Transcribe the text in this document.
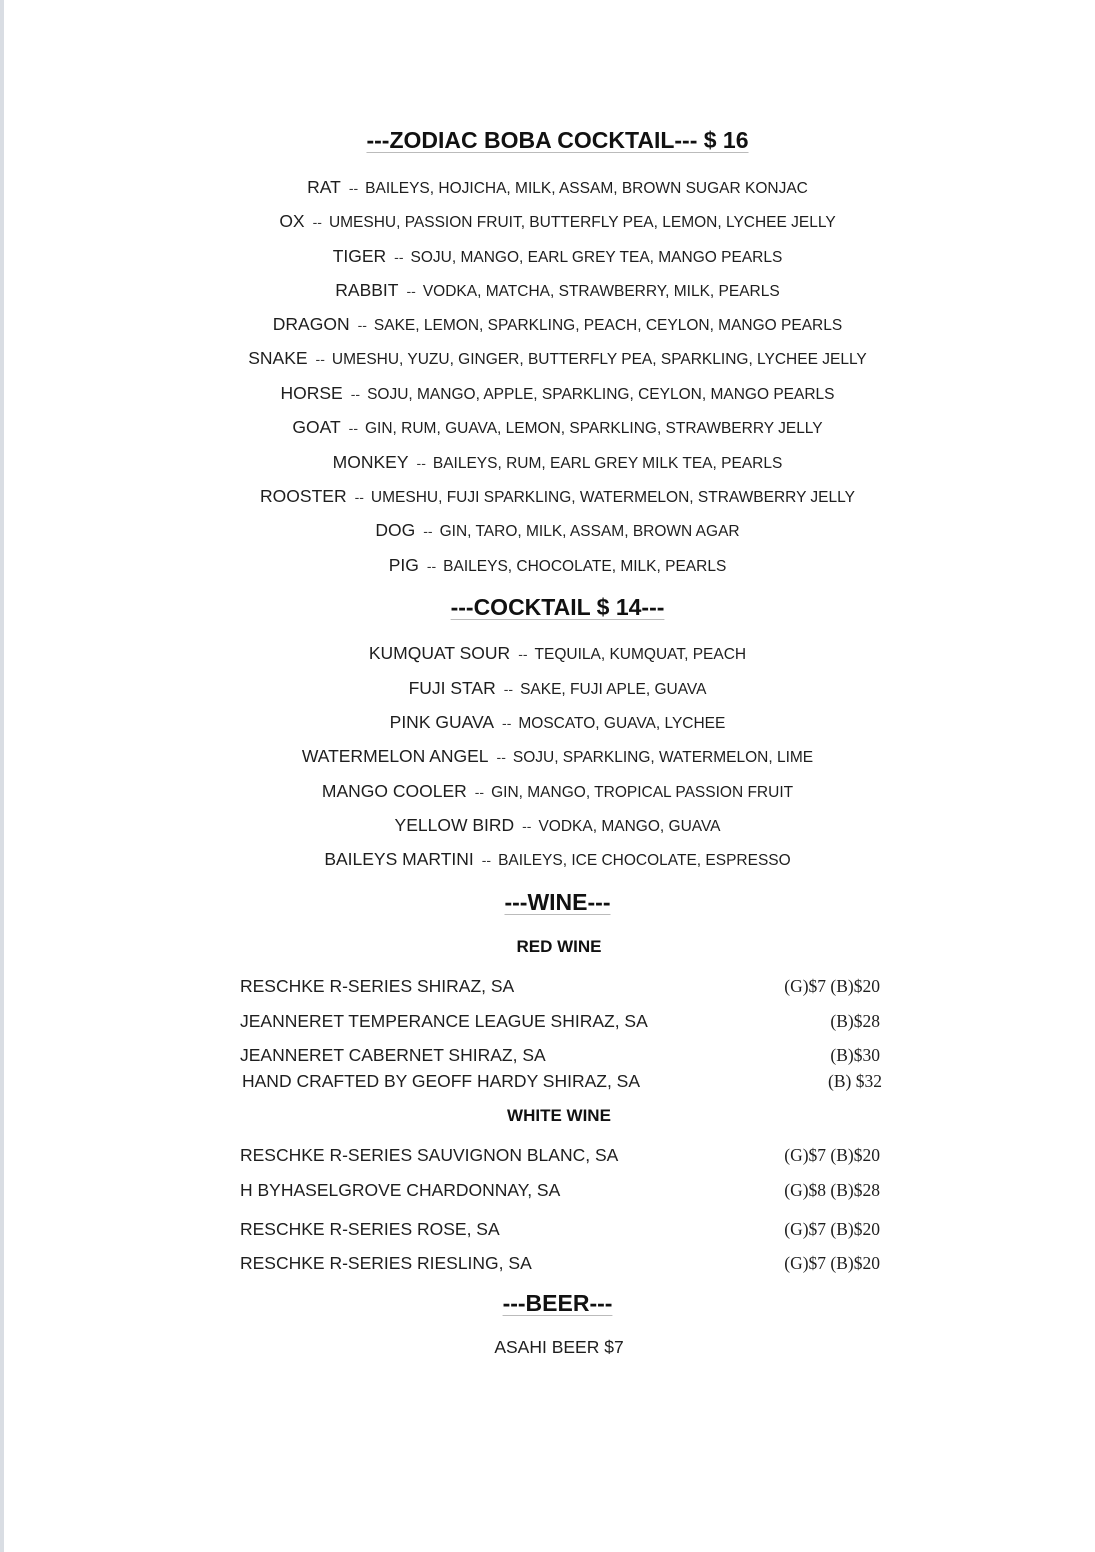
---ZODIAC BOBA COCKTAIL--- $ 16
RAT -- BAILEYS, HOJICHA, MILK, ASSAM, BROWN SUGAR KONJAC
OX -- UMESHU, PASSION FRUIT, BUTTERFLY PEA, LEMON, LYCHEE JELLY
TIGER -- SOJU, MANGO, EARL GREY TEA, MANGO PEARLS
RABBIT -- VODKA, MATCHA, STRAWBERRY, MILK, PEARLS
DRAGON -- SAKE, LEMON, SPARKLING, PEACH, CEYLON, MANGO PEARLS
SNAKE -- UMESHU, YUZU, GINGER, BUTTERFLY PEA, SPARKLING, LYCHEE JELLY
HORSE -- SOJU, MANGO, APPLE, SPARKLING, CEYLON, MANGO PEARLS
GOAT -- GIN, RUM, GUAVA, LEMON, SPARKLING, STRAWBERRY JELLY
MONKEY -- BAILEYS, RUM, EARL GREY MILK TEA, PEARLS
ROOSTER -- UMESHU, FUJI SPARKLING, WATERMELON, STRAWBERRY JELLY
DOG -- GIN, TARO, MILK, ASSAM, BROWN AGAR
PIG -- BAILEYS, CHOCOLATE, MILK, PEARLS
---COCKTAIL $ 14---
KUMQUAT SOUR -- TEQUILA, KUMQUAT, PEACH
FUJI STAR -- SAKE, FUJI APLE, GUAVA
PINK GUAVA -- MOSCATO, GUAVA, LYCHEE
WATERMELON ANGEL -- SOJU, SPARKLING, WATERMELON, LIME
MANGO COOLER -- GIN, MANGO, TROPICAL PASSION FRUIT
YELLOW BIRD -- VODKA, MANGO, GUAVA
BAILEYS MARTINI -- BAILEYS, ICE CHOCOLATE, ESPRESSO
---WINE---
RED WINE
RESCHKE R-SERIES SHIRAZ, SA	(G)$7 (B)$20
JEANNERET TEMPERANCE LEAGUE SHIRAZ, SA	(B)$28
JEANNERET CABERNET SHIRAZ, SA	(B)$30
HAND CRAFTED BY GEOFF HARDY SHIRAZ, SA	(B) $32
WHITE WINE
RESCHKE R-SERIES SAUVIGNON BLANC, SA	(G)$7 (B)$20
H BYHASELGROVE CHARDONNAY, SA	(G)$8 (B)$28
RESCHKE R-SERIES ROSE, SA	(G)$7 (B)$20
RESCHKE R-SERIES RIESLING, SA	(G)$7 (B)$20
---BEER---
ASAHI BEER $7
